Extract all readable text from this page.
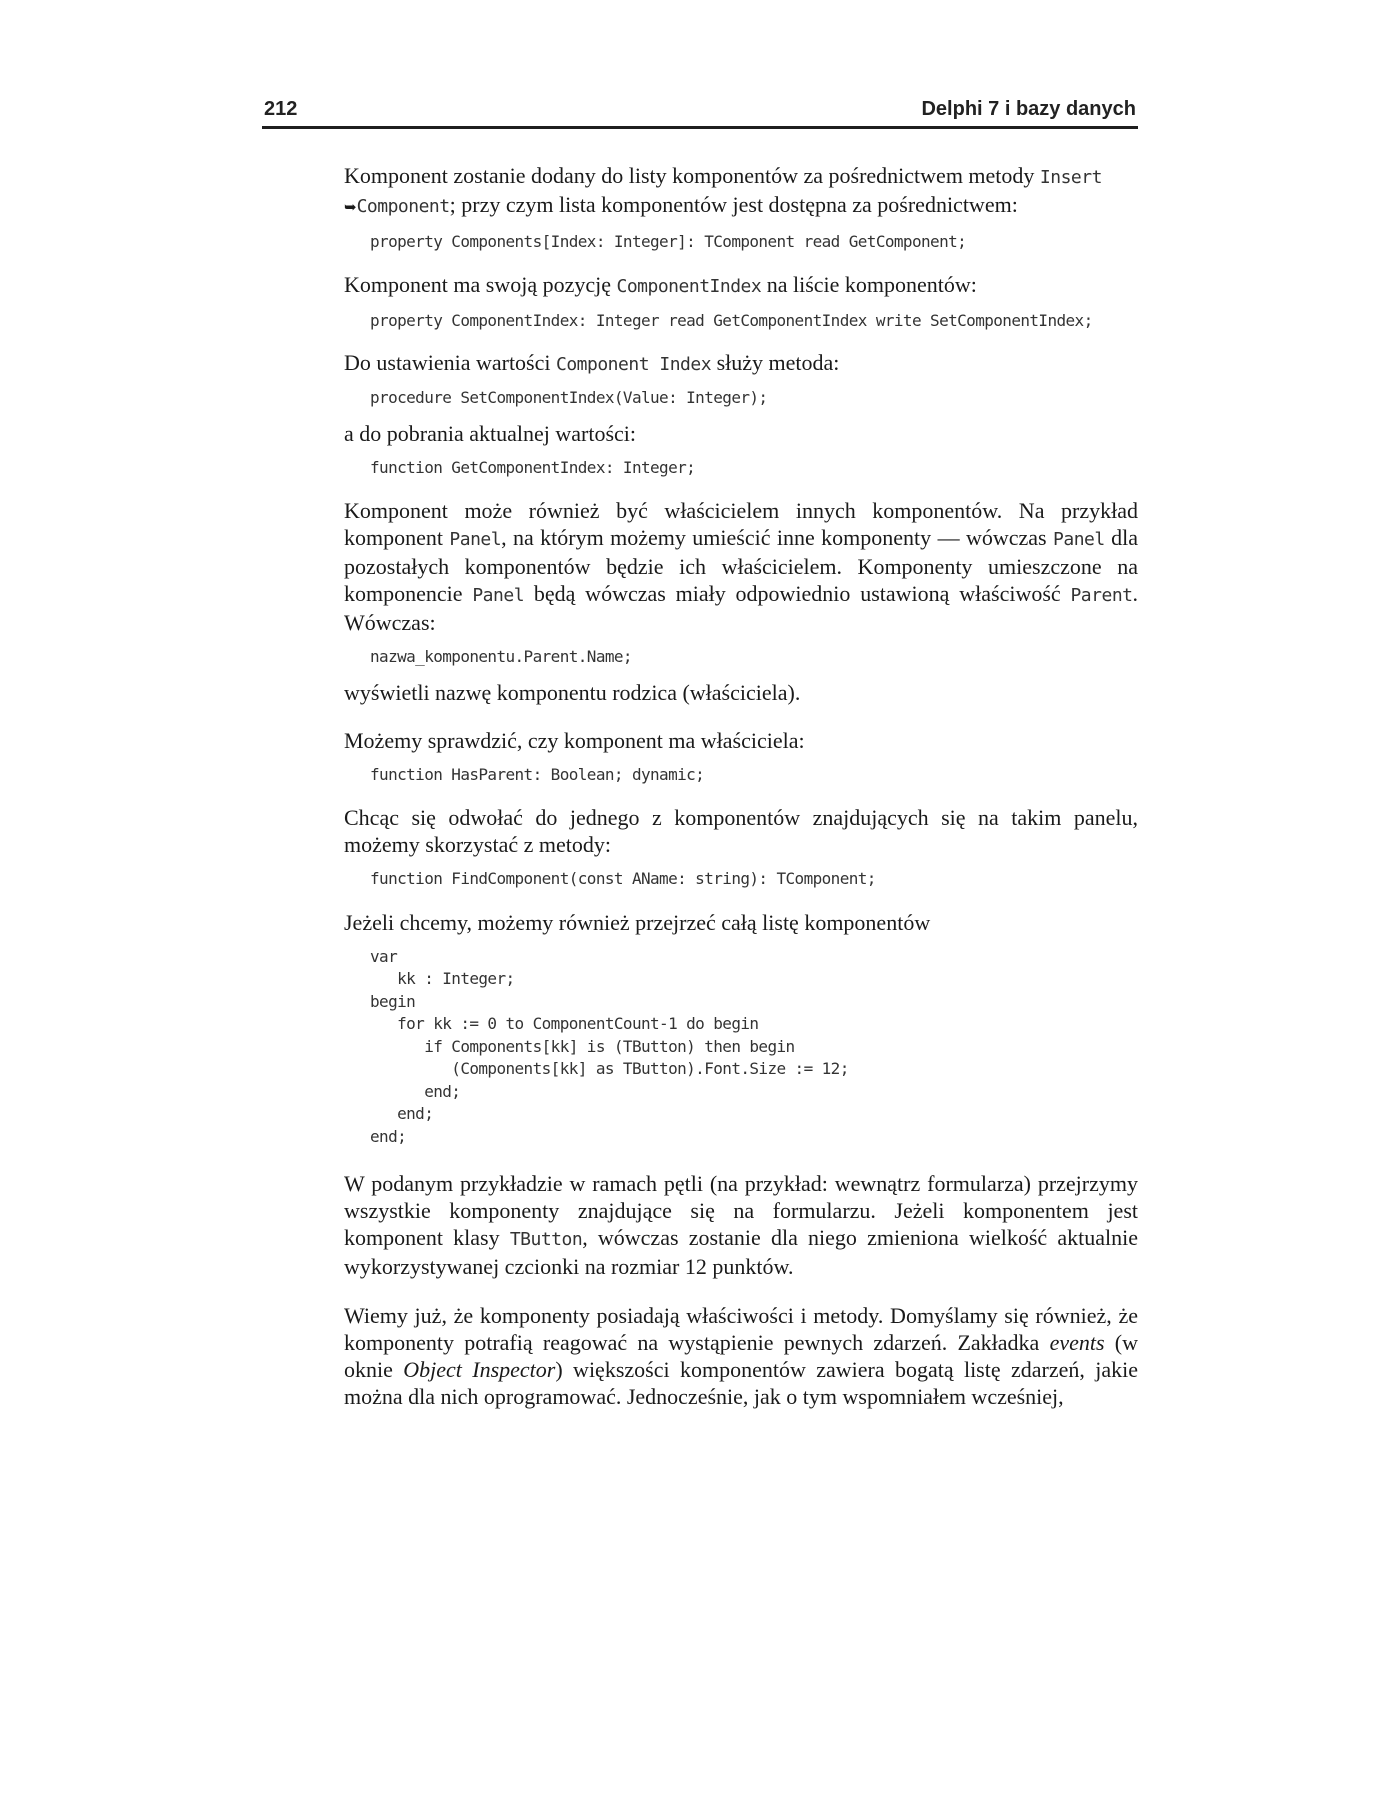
212	Delphi 7 i bazy danych

Komponent zostanie dodany do listy komponentów za pośrednictwem metody Insert
➥Component; przy czym lista komponentów jest dostępna za pośrednictwem:

property Components[Index: Integer]: TComponent read GetComponent;

Komponent ma swoją pozycję ComponentIndex na liście komponentów:

property ComponentIndex: Integer read GetComponentIndex write SetComponentIndex;

Do ustawienia wartości Component Index służy metoda:

procedure SetComponentIndex(Value: Integer);

a do pobrania aktualnej wartości:

function GetComponentIndex: Integer;

Komponent może również być właścicielem innych komponentów. Na przykład komponent Panel, na którym możemy umieścić inne komponenty — wówczas Panel dla pozostałych komponentów będzie ich właścicielem. Komponenty umieszczone na komponencie Panel będą wówczas miały odpowiednio ustawioną właściwość Parent. Wówczas:

nazwa_komponentu.Parent.Name;

wyświetli nazwę komponentu rodzica (właściciela).

Możemy sprawdzić, czy komponent ma właściciela:

function HasParent: Boolean; dynamic;

Chcąc się odwołać do jednego z komponentów znajdujących się na takim panelu, możemy skorzystać z metody:

function FindComponent(const AName: string): TComponent;

Jeżeli chcemy, możemy również przejrzeć całą listę komponentów

var
kk : Integer;
begin
for kk := 0 to ComponentCount-1 do begin
if Components[kk] is (TButton) then begin
(Components[kk] as TButton).Font.Size := 12;
end;
end;
end;

W podanym przykładzie w ramach pętli (na przykład: wewnątrz formularza) przejrzymy wszystkie komponenty znajdujące się na formularzu. Jeżeli komponentem jest komponent klasy TButton, wówczas zostanie dla niego zmieniona wielkość aktualnie wykorzystywanej czcionki na rozmiar 12 punktów.

Wiemy już, że komponenty posiadają właściwości i metody. Domyślamy się również, że komponenty potrafią reagować na wystąpienie pewnych zdarzeń. Zakładka events (w oknie Object Inspector) większości komponentów zawiera bogatą listę zdarzeń, jakie można dla nich oprogramować. Jednocześnie, jak o tym wspomniałem wcześniej,
